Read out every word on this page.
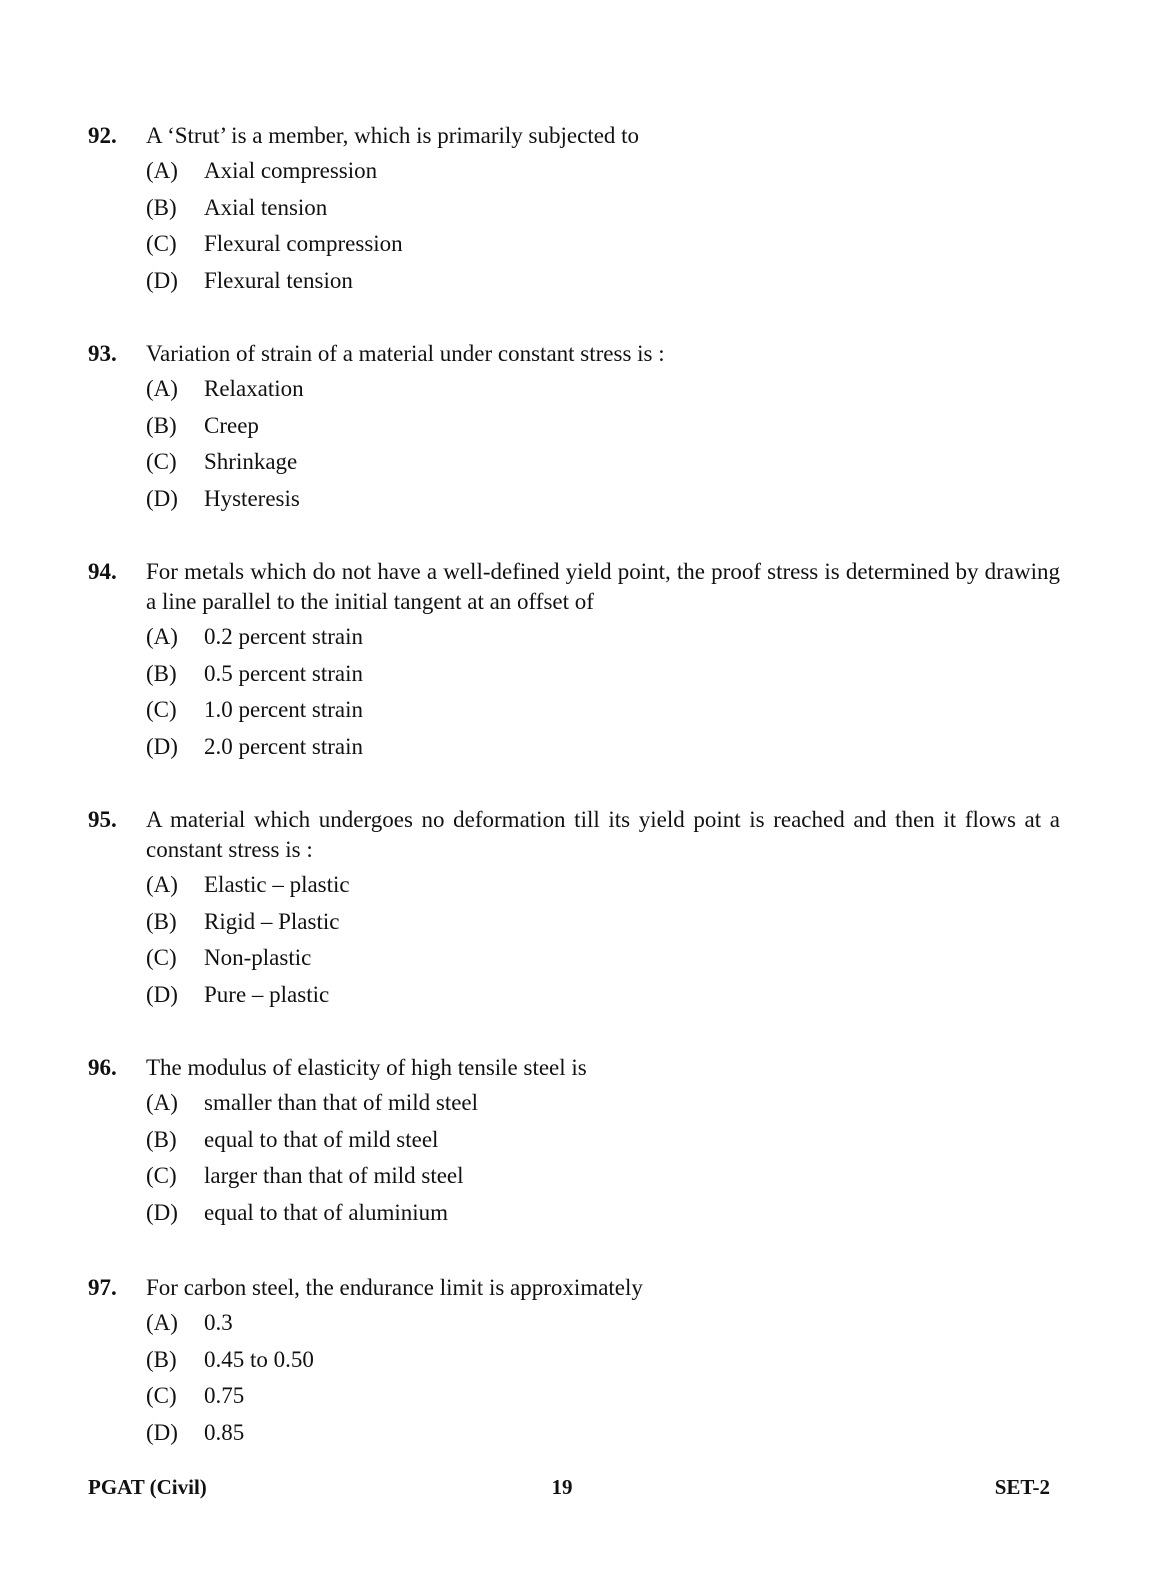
92. A ‘Strut’ is a member, which is primarily subjected to
(A) Axial compression
(B) Axial tension
(C) Flexural compression
(D) Flexural tension
93. Variation of strain of a material under constant stress is :
(A) Relaxation
(B) Creep
(C) Shrinkage
(D) Hysteresis
94. For metals which do not have a well-defined yield point, the proof stress is determined by drawing a line parallel to the initial tangent at an offset of
(A) 0.2 percent strain
(B) 0.5 percent strain
(C) 1.0 percent strain
(D) 2.0 percent strain
95. A material which undergoes no deformation till its yield point is reached and then it flows at a constant stress is :
(A) Elastic – plastic
(B) Rigid – Plastic
(C) Non-plastic
(D) Pure – plastic
96. The modulus of elasticity of high tensile steel is
(A) smaller than that of mild steel
(B) equal to that of mild steel
(C) larger than that of mild steel
(D) equal to that of aluminium
97. For carbon steel, the endurance limit is approximately
(A) 0.3
(B) 0.45 to 0.50
(C) 0.75
(D) 0.85
PGAT (Civil)	19	SET-2
